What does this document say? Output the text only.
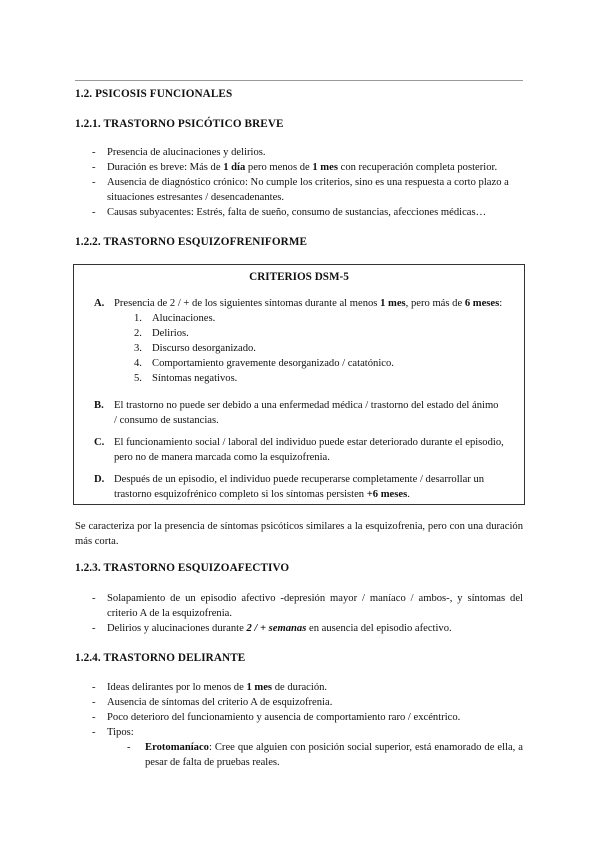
1.2. PSICOSIS FUNCIONALES
1.2.1. TRASTORNO PSICÓTICO BREVE
- Presencia de alucinaciones y delirios.
- Duración es breve: Más de 1 día pero menos de 1 mes con recuperación completa posterior.
- Ausencia de diagnóstico crónico: No cumple los criterios, sino es una respuesta a corto plazo a situaciones estresantes / desencadenantes.
- Causas subyacentes: Estrés, falta de sueño, consumo de sustancias, afecciones médicas…
1.2.2. TRASTORNO ESQUIZOFRENIFORME
CRITERIOS DSM-5
A. Presencia de 2 / + de los siguientes síntomas durante al menos 1 mes, pero más de 6 meses:
1. Alucinaciones.
2. Delirios.
3. Discurso desorganizado.
4. Comportamiento gravemente desorganizado / catatónico.
5. Síntomas negativos.
B. El trastorno no puede ser debido a una enfermedad médica / trastorno del estado del ánimo / consumo de sustancias.
C. El funcionamiento social / laboral del individuo puede estar deteriorado durante el episodio, pero no de manera marcada como la esquizofrenia.
D. Después de un episodio, el individuo puede recuperarse completamente / desarrollar un trastorno esquizofrénico completo si los síntomas persisten +6 meses.
Se caracteriza por la presencia de síntomas psicóticos similares a la esquizofrenia, pero con una duración más corta.
1.2.3. TRASTORNO ESQUIZOAFECTIVO
- Solapamiento de un episodio afectivo -depresión mayor / maníaco / ambos-, y síntomas del criterio A de la esquizofrenia.
- Delirios y alucinaciones durante 2 / + semanas en ausencia del episodio afectivo.
1.2.4. TRASTORNO DELIRANTE
- Ideas delirantes por lo menos de 1 mes de duración.
- Ausencia de síntomas del criterio A de esquizofrenia.
- Poco deterioro del funcionamiento y ausencia de comportamiento raro / excéntrico.
- Tipos:
- Erotomaníaco: Cree que alguien con posición social superior, está enamorado de ella, a pesar de falta de pruebas reales.
